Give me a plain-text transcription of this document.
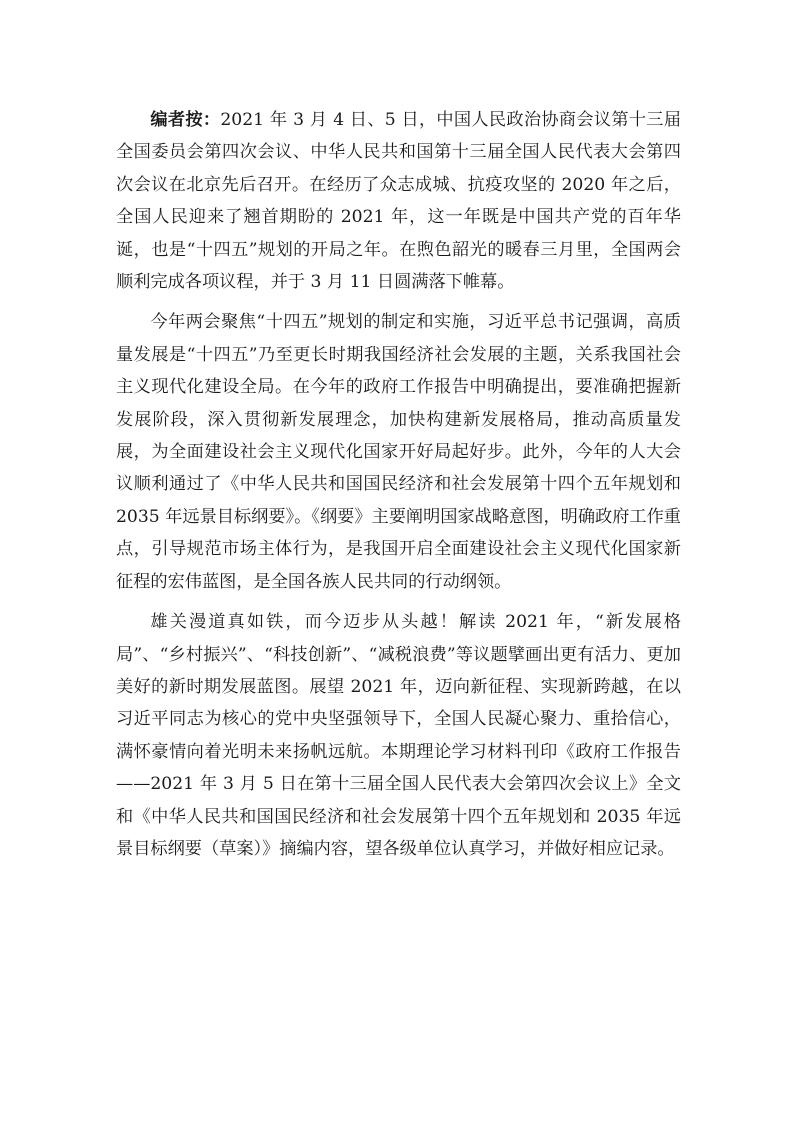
编者按：2021 年 3 月 4 日、5 日，中国人民政治协商会议第十三届全国委员会第四次会议、中华人民共和国第十三届全国人民代表大会第四次会议在北京先后召开。在经历了众志成城、抗疫攻坚的 2020 年之后，全国人民迎来了翘首期盼的 2021 年，这一年既是中国共产党的百年华诞，也是“十四五”规划的开局之年。在煦色韶光的暖春三月里，全国两会顺利完成各项议程，并于 3 月 11 日圆满落下帷幕。

今年两会聚焦“十四五”规划的制定和实施，习近平总书记强调，高质量发展是“十四五”乃至更长时期我国经济社会发展的主题，关系我国社会主义现代化建设全局。在今年的政府工作报告中明确提出，要准确把握新发展阶段，深入贯彻新发展理念，加快构建新发展格局，推动高质量发展，为全面建设社会主义现代化国家开好局起好步。此外，今年的人大会议顺利通过了《中华人民共和国国民经济和社会发展第十四个五年规划和 2035 年远景目标纲要》。《纲要》主要阐明国家战略意图，明确政府工作重点，引导规范市场主体行为，是我国开启全面建设社会主义现代化国家新征程的宏伟蓝图，是全国各族人民共同的行动纲领。

雄关漫道真如铁，而今迈步从头越！解读 2021 年，“新发展格局”、“乡村振兴”、“科技创新”、“减税浪费”等议题擘画出更有活力、更加美好的新时期发展蓝图。展望 2021 年，迈向新征程、实现新跨越，在以习近平同志为核心的党中央坚强领导下，全国人民凝心聚力、重拾信心，满怀豪情向着光明未来扬帆远航。本期理论学习材料刊印《政府工作报告——2021 年 3 月 5 日在第十三届全国人民代表大会第四次会议上》全文和《中华人民共和国国民经济和社会发展第十四个五年规划和 2035 年远景目标纲要（草案）》摘编内容，望各级单位认真学习，并做好相应记录。
